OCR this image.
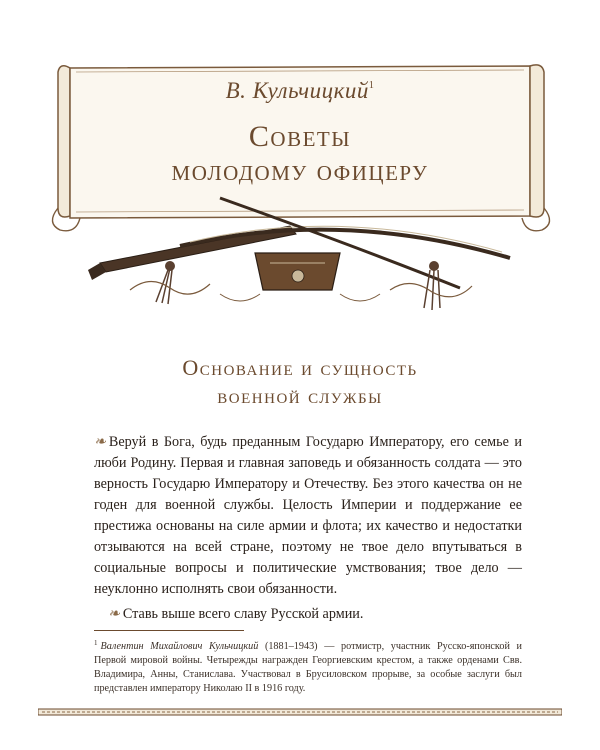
В. Кульчицкий$^1$
Советы
молодому офицеру
Основание и сущность
военной службы

❧ Веруй в Бога, будь преданным Государю Императору, его семье и люби Родину. Первая и главная заповедь и обязанность солдата — это верность Государю Императору и Отечеству. Без этого качества он не годен для военной службы. Целость Империи и поддержание ее престижа основаны на силе армии и флота; их качество и недостатки отзываются на всей стране, поэтому не твое дело впутываться в социальные вопросы и политические умствования; твое дело — неуклонно исполнять свои обязанности.

❧ Ставь выше всего славу Русской армии.

$^1$ Валентин Михайлович Кульчицкий (1881–1943) — ротмистр, участник Русско-японской и Первой мировой войны. Четырежды награжден Георгиевским крестом, а также орденами Свв. Владимира, Анны, Станислава. Участвовал в Брусиловском прорыве, за особые заслуги был представлен императору Николаю II в 1916 году.
